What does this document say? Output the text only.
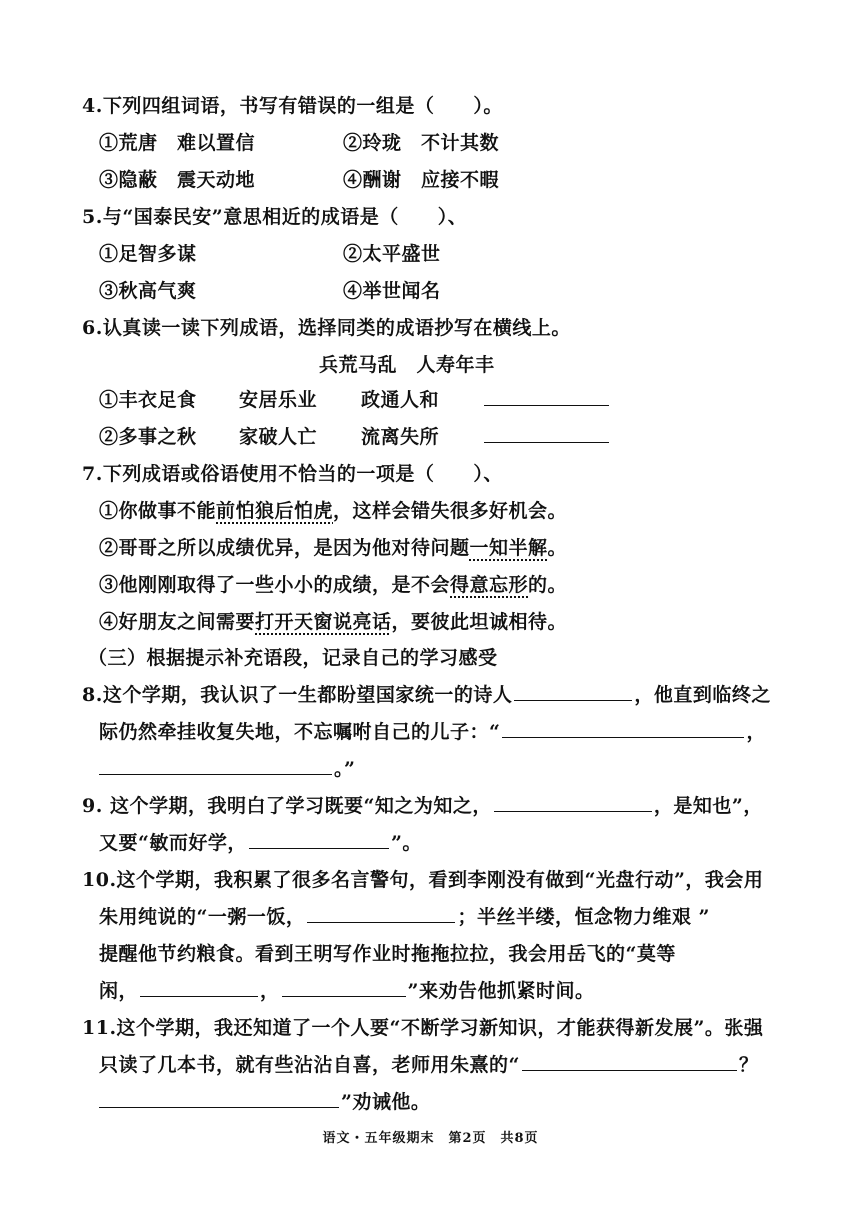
4.下列四组词语，书写有错误的一组是（　　）。
①荒唐　难以置信	②玲珑　不计其数
③隐蔽　震天动地	④酬谢　应接不暇
5.与“国泰民安”意思相近的成语是（　　）、
①足智多谋	②太平盛世
③秋高气爽	④举世闻名
6.认真读一读下列成语，选择同类的成语抄写在横线上。
兵荒马乱　人寿年丰
①丰衣足食 安居乐业 政通人和
②多事之秋 家破人亡 流离失所
7.下列成语或俗语使用不恰当的一项是（　　）、
①你做事不能前怕狼后怕虎，这样会错失很多好机会。
②哥哥之所以成绩优异，是因为他对待问题一知半解。
③他刚刚取得了一些小小的成绩，是不会得意忘形的。
④好朋友之间需要打开天窗说亮话，要彼此坦诚相待。
（三）根据提示补充语段，记录自己的学习感受
8.这个学期，我认识了一生都盼望国家统一的诗人	，他直到临终之
际仍然牵挂收复失地，不忘嘱咐自己的儿子：“	，
。”
9. 这个学期，我明白了学习既要“知之为知之，	，是知也”，
又要“敏而好学，	”。
10.这个学期，我积累了很多名言警句，看到李刚没有做到“光盘行动”，我会用
朱用纯说的“一粥一饭，	；半丝半缕，恒念物力维艰 ”
提醒他节约粮食。看到王明写作业时拖拖拉拉，我会用岳飞的“莫等
闲，	，	”来劝告他抓紧时间。
11.这个学期，我还知道了一个人要“不断学习新知识，才能获得新发展”。张强
只读了几本书，就有些沾沾自喜，老师用朱熹的“	？
”劝诫他。
语文・五年级期末　第2页　共8页
